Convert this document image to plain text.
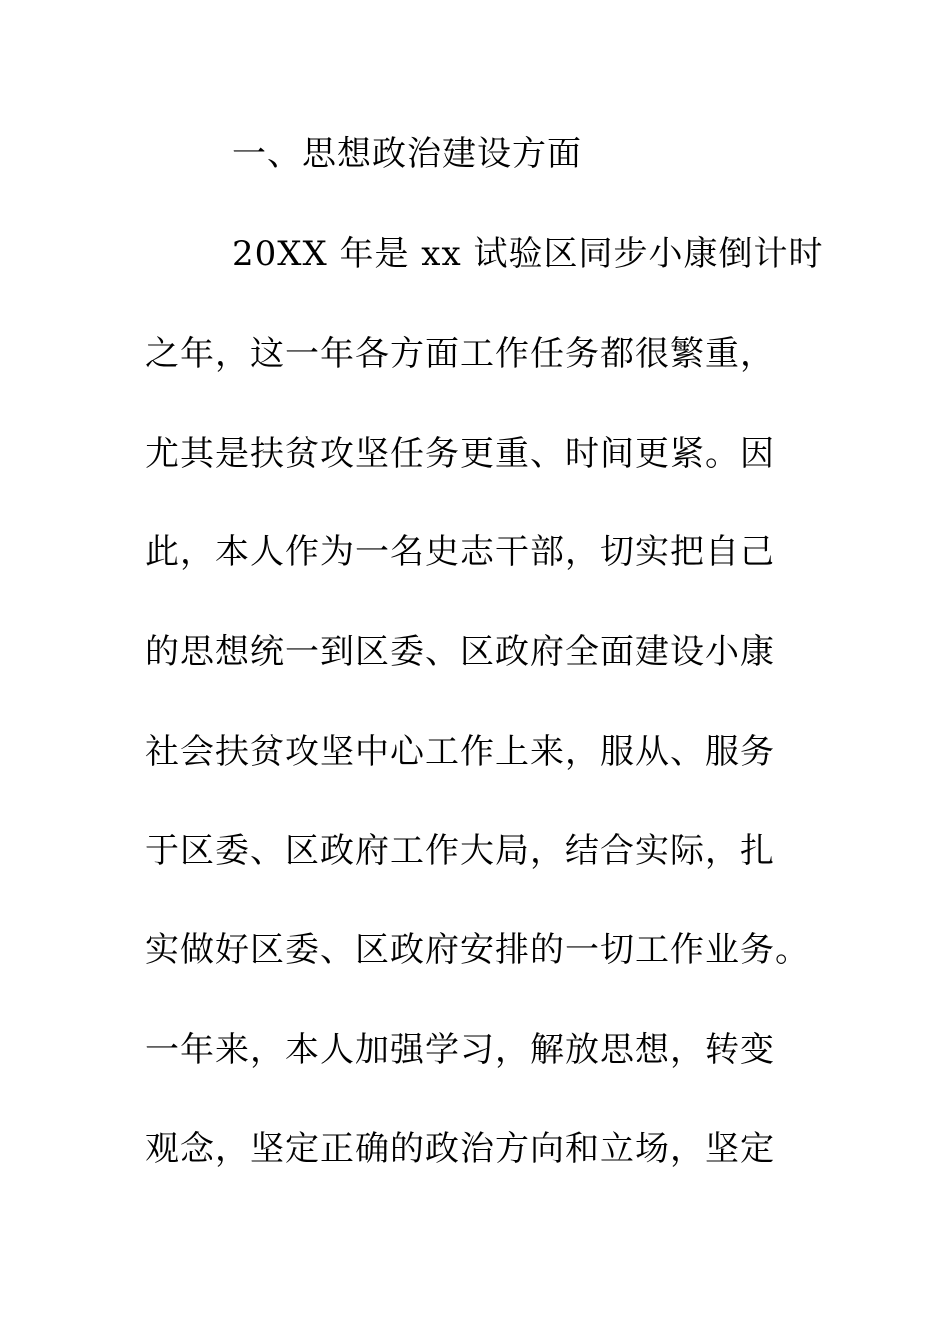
一、思想政治建设方面
20XX 年是 xx 试验区同步小康倒计时
之年，这一年各方面工作任务都很繁重，
尤其是扶贫攻坚任务更重、时间更紧。因
此，本人作为一名史志干部，切实把自己
的思想统一到区委、区政府全面建设小康
社会扶贫攻坚中心工作上来，服从、服务
于区委、区政府工作大局，结合实际，扎
实做好区委、区政府安排的一切工作业务。
一年来，本人加强学习，解放思想，转变
观念，坚定正确的政治方向和立场，坚定
